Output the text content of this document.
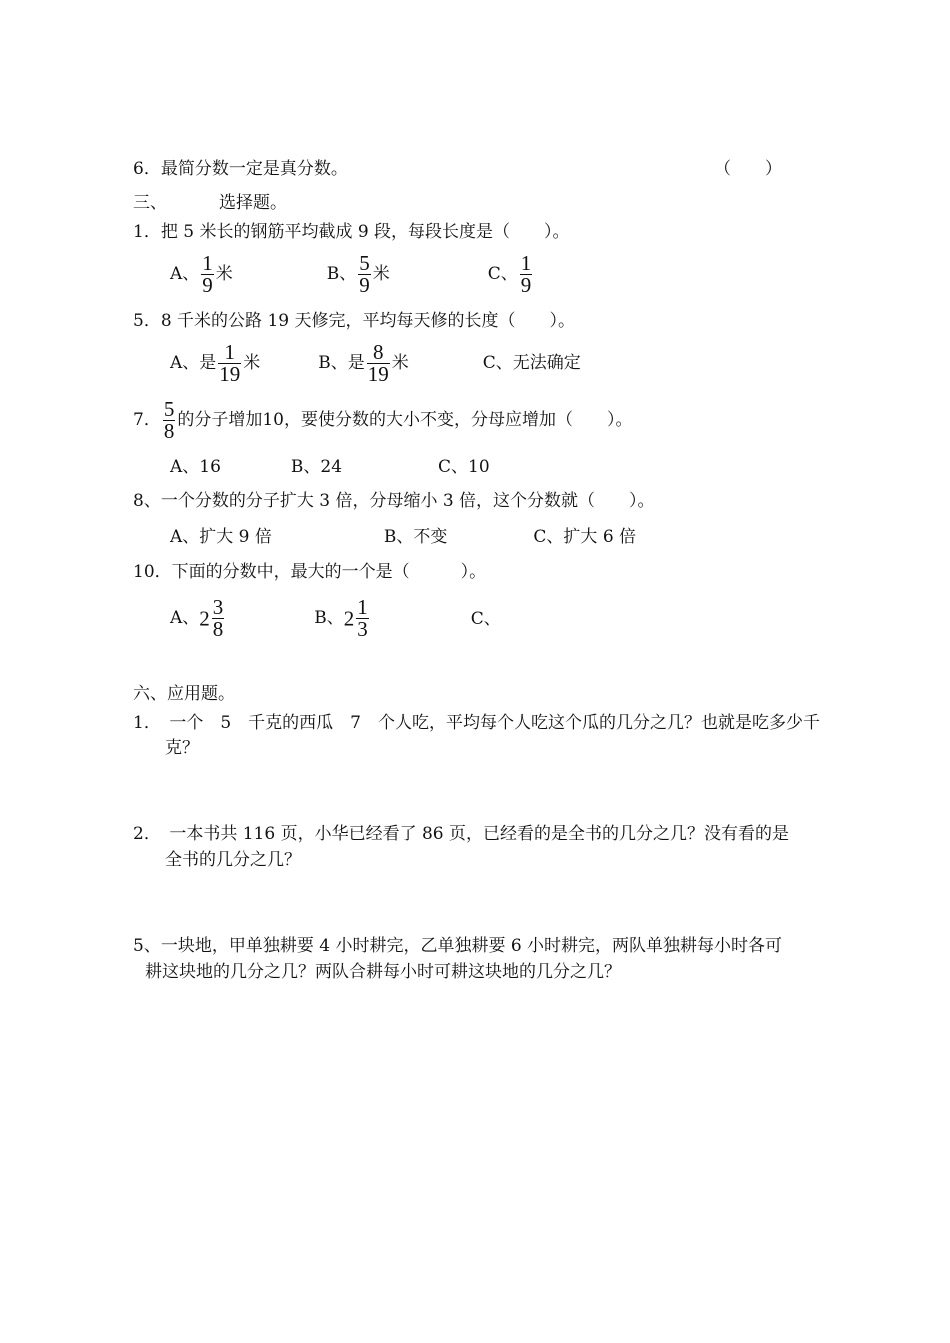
6．最简分数一定是真分数。	（　　）
三、	选择题。
1．把 5 米长的钢筋平均截成 9 段，每段长度是（　　）。
A、 $\frac{1}{9}$ 米	B、 $\frac{5}{9}$ 米	C、 $\frac{1}{9}$
5．8 千米的公路 19 天修完，平均每天修的长度（　　）。
A、是 $\frac{1}{19}$ 米	B、是 $\frac{8}{19}$ 米	C、无法确定
7． $\frac{5}{8}$ 的分子增加10，要使分数的大小不变，分母应增加（　　）。
A、16	B、24	C、10
8、一个分数的分子扩大 3 倍，分母缩小 3 倍，这个分数就（　　）。
A、扩大 9 倍	B、不变	C、扩大 6 倍
10．下面的分数中，最大的一个是（　　　）。
A、$2 \frac{3}{8}$	B、$2 \frac{1}{3}$	C、
六、应用题。
1．　一个　5　千克的西瓜　7　个人吃，平均每个人吃这个瓜的几分之几？也就是吃多少千
克？
2．　一本书共 116 页，小华已经看了 86 页，已经看的是全书的几分之几？没有看的是
全书的几分之几？
5、一块地，甲单独耕要 4 小时耕完，乙单独耕要 6 小时耕完，两队单独耕每小时各可
耕这块地的几分之几？两队合耕每小时可耕这块地的几分之几？
